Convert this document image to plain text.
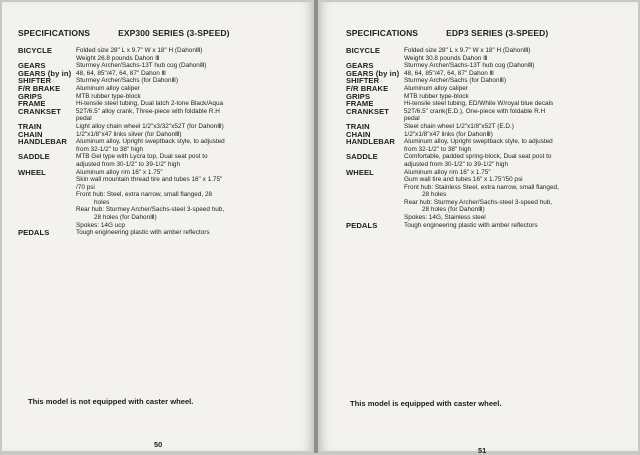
SPECIFICATIONS	EXP300 SERIES (3-SPEED)
BICYCLE	Folded size 28" L x 9.7" W x 18" H (DahonⅢ)
Weight 26.8 pounds Dahon Ⅲ
GEARS	Sturmey Archer/Sachs-13T hub cog (DahonⅢ)
GEARS (by in) 48, 64, 85"/47, 64, 87" Dahon Ⅲ
SHIFTER	Sturmey Archer/Sachs (for DahonⅢ)
F/R BRAKE	Aluminum alloy caliper
GRIPS	MTB rubber type-block
FRAME	Hi-tensile steel tubing, Dual latch 2-tone Black/Aqua
CRANKSET	52T/6.5" alloy crank, Three-piece with foldable R.H
pedal
TRAIN	Light alloy chain wheel 1/2"x3/32"x52T (for DahonⅢ)
CHAIN	1/2"x1/8"x47 links silver (for DahonⅢ)
HANDLEBAR	Aluminum alloy, Upright sweptback style, to adjusted
from 32-1/2" to 38" high
SADDLE	MTB Gel type with Lycra top, Dual seat post to
adjusted from 30-1/2" to 39-1/2" high
WHEEL	Aluminum alloy rim 16" x 1.75"
Skin wall mountain thread tire and tubes 16" x 1.75"
/70 psi
Front hub: Steel, extra narrow, small flanged, 28
holes
Rear hub: Sturmey Archer/Sachs-steel 3-speed hub,
28 holes (for DahonⅢ)
Spokes: 14G ucp
PEDALS	Tough engineering plastic with amber reflectors
This model is not equipped with caster wheel.
50
SPECIFICATIONS	EDP3 SERIES (3-SPEED)
BICYCLE	Folded size 28" L x 9.7" W x 18" H (DahonⅢ)
Weight 30.8 pounds Dahon Ⅲ
GEARS	Sturmey Archer/Sachs-13T hub cog (DahonⅢ)
GEARS (by in) 48, 64, 85"/47, 64, 87" Dahon Ⅲ
SHIFTER	Sturmey Archer/Sachs (for DahonⅢ)
F/R BRAKE	Aluminum alloy caliper
GRIPS	MTB rubber type-block
FRAME	Hi-tensile steel tubing, ED/White W/royal blue decals
CRANKSET	52T/6.5" crank(E.D.), One-piece with foldable R.H
pedal
TRAIN	Steel chain wheel 1/2"x1/8"x52T (E.D.)
CHAIN	1/2"x1/8"x47 links (for DahonⅢ)
HANDLEBAR	Aluminum alloy, Upright sweptback style, to adjusted
from 32-1/2" to 38" high
SADDLE	Comfortable, padded spring-block, Dual seat post to
adjusted from 30-1/2" to 39-1/2" high
WHEEL	Aluminum alloy rim 16" x 1.75"
Gum wall tire and tubes 16" x 1.75"/50 psi
Front hub: Stainless Steel, extra narrow, small flanged,
28 holes
Rear hub: Sturmey Archer/Sachs-steel 3-speed hub,
28 holes (for DahonⅢ)
Spokes: 14G, Stainless steel
PEDALS	Tough engineering plastic with amber reflectors
This model is equipped with caster wheel.
51
